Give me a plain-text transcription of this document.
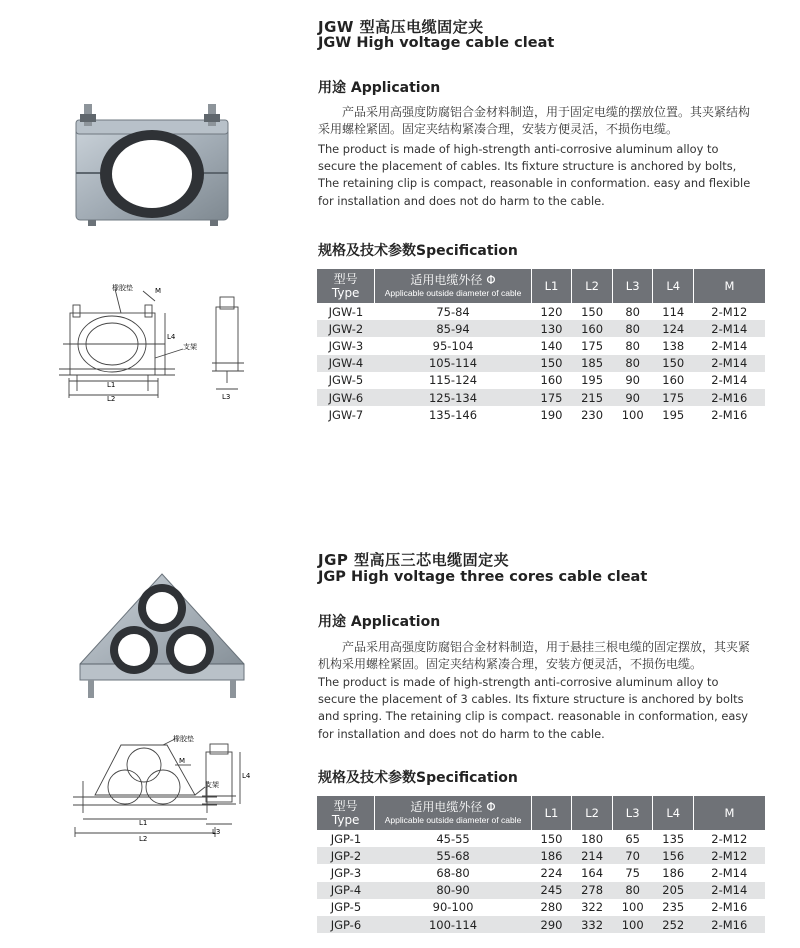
JGW 型高压电缆固定夹
JGW High voltage cable cleat
用途 Application
产品采用高强度防腐铝合金材料制造，用于固定电缆的摆放位置。其夹紧结构采用螺栓紧固。固定夹结构紧凑合理，安装方便灵活，不损伤电缆。
The product is made of high-strength anti-corrosive aluminum alloy to secure the placement of cables. Its fixture structure is anchored by bolts, The retaining clip is compact, reasonable in conformation. easy and flexible for installation and does not do harm to the cable.
规格及技术参数Specification
橡胶垫	M
支架
L4
L1
L2	L3
型号
Type	适用电缆外径 Φ
Applicable outside diameter of cable	L1	L2	L3	L4	M
JGW-1	75-84	120	150	80	114	2-M12
JGW-2	85-94	130	160	80	124	2-M14
JGW-3	95-104	140	175	80	138	2-M14
JGW-4	105-114	150	185	80	150	2-M14
JGW-5	115-124	160	195	90	160	2-M14
JGW-6	125-134	175	215	90	175	2-M16
JGW-7	135-146	190	230	100	195	2-M16
JGP 型高压三芯电缆固定夹
JGP High voltage three cores cable cleat
用途 Application
产品采用高强度防腐铝合金材料制造，用于悬挂三根电缆的固定摆放，其夹紧机构采用螺栓紧固。固定夹结构紧凑合理，安装方便灵活，不损伤电缆。
The product is made of high-strength anti-corrosive aluminum alloy to secure the placement of 3 cables. Its fixture structure is anchored by bolts and spring. The retaining clip is compact. reasonable in conformation, easy for installation and does not do harm to the cable.
规格及技术参数Specification
橡胶垫
M
支架
L1
L2
L4
L3
型号
Type	适用电缆外径 Φ
Applicable outside diameter of cable	L1	L2	L3	L4	M
JGP-1	45-55	150	180	65	135	2-M12
JGP-2	55-68	186	214	70	156	2-M12
JGP-3	68-80	224	164	75	186	2-M14
JGP-4	80-90	245	278	80	205	2-M14
JGP-5	90-100	280	322	100	235	2-M16
JGP-6	100-114	290	332	100	252	2-M16
